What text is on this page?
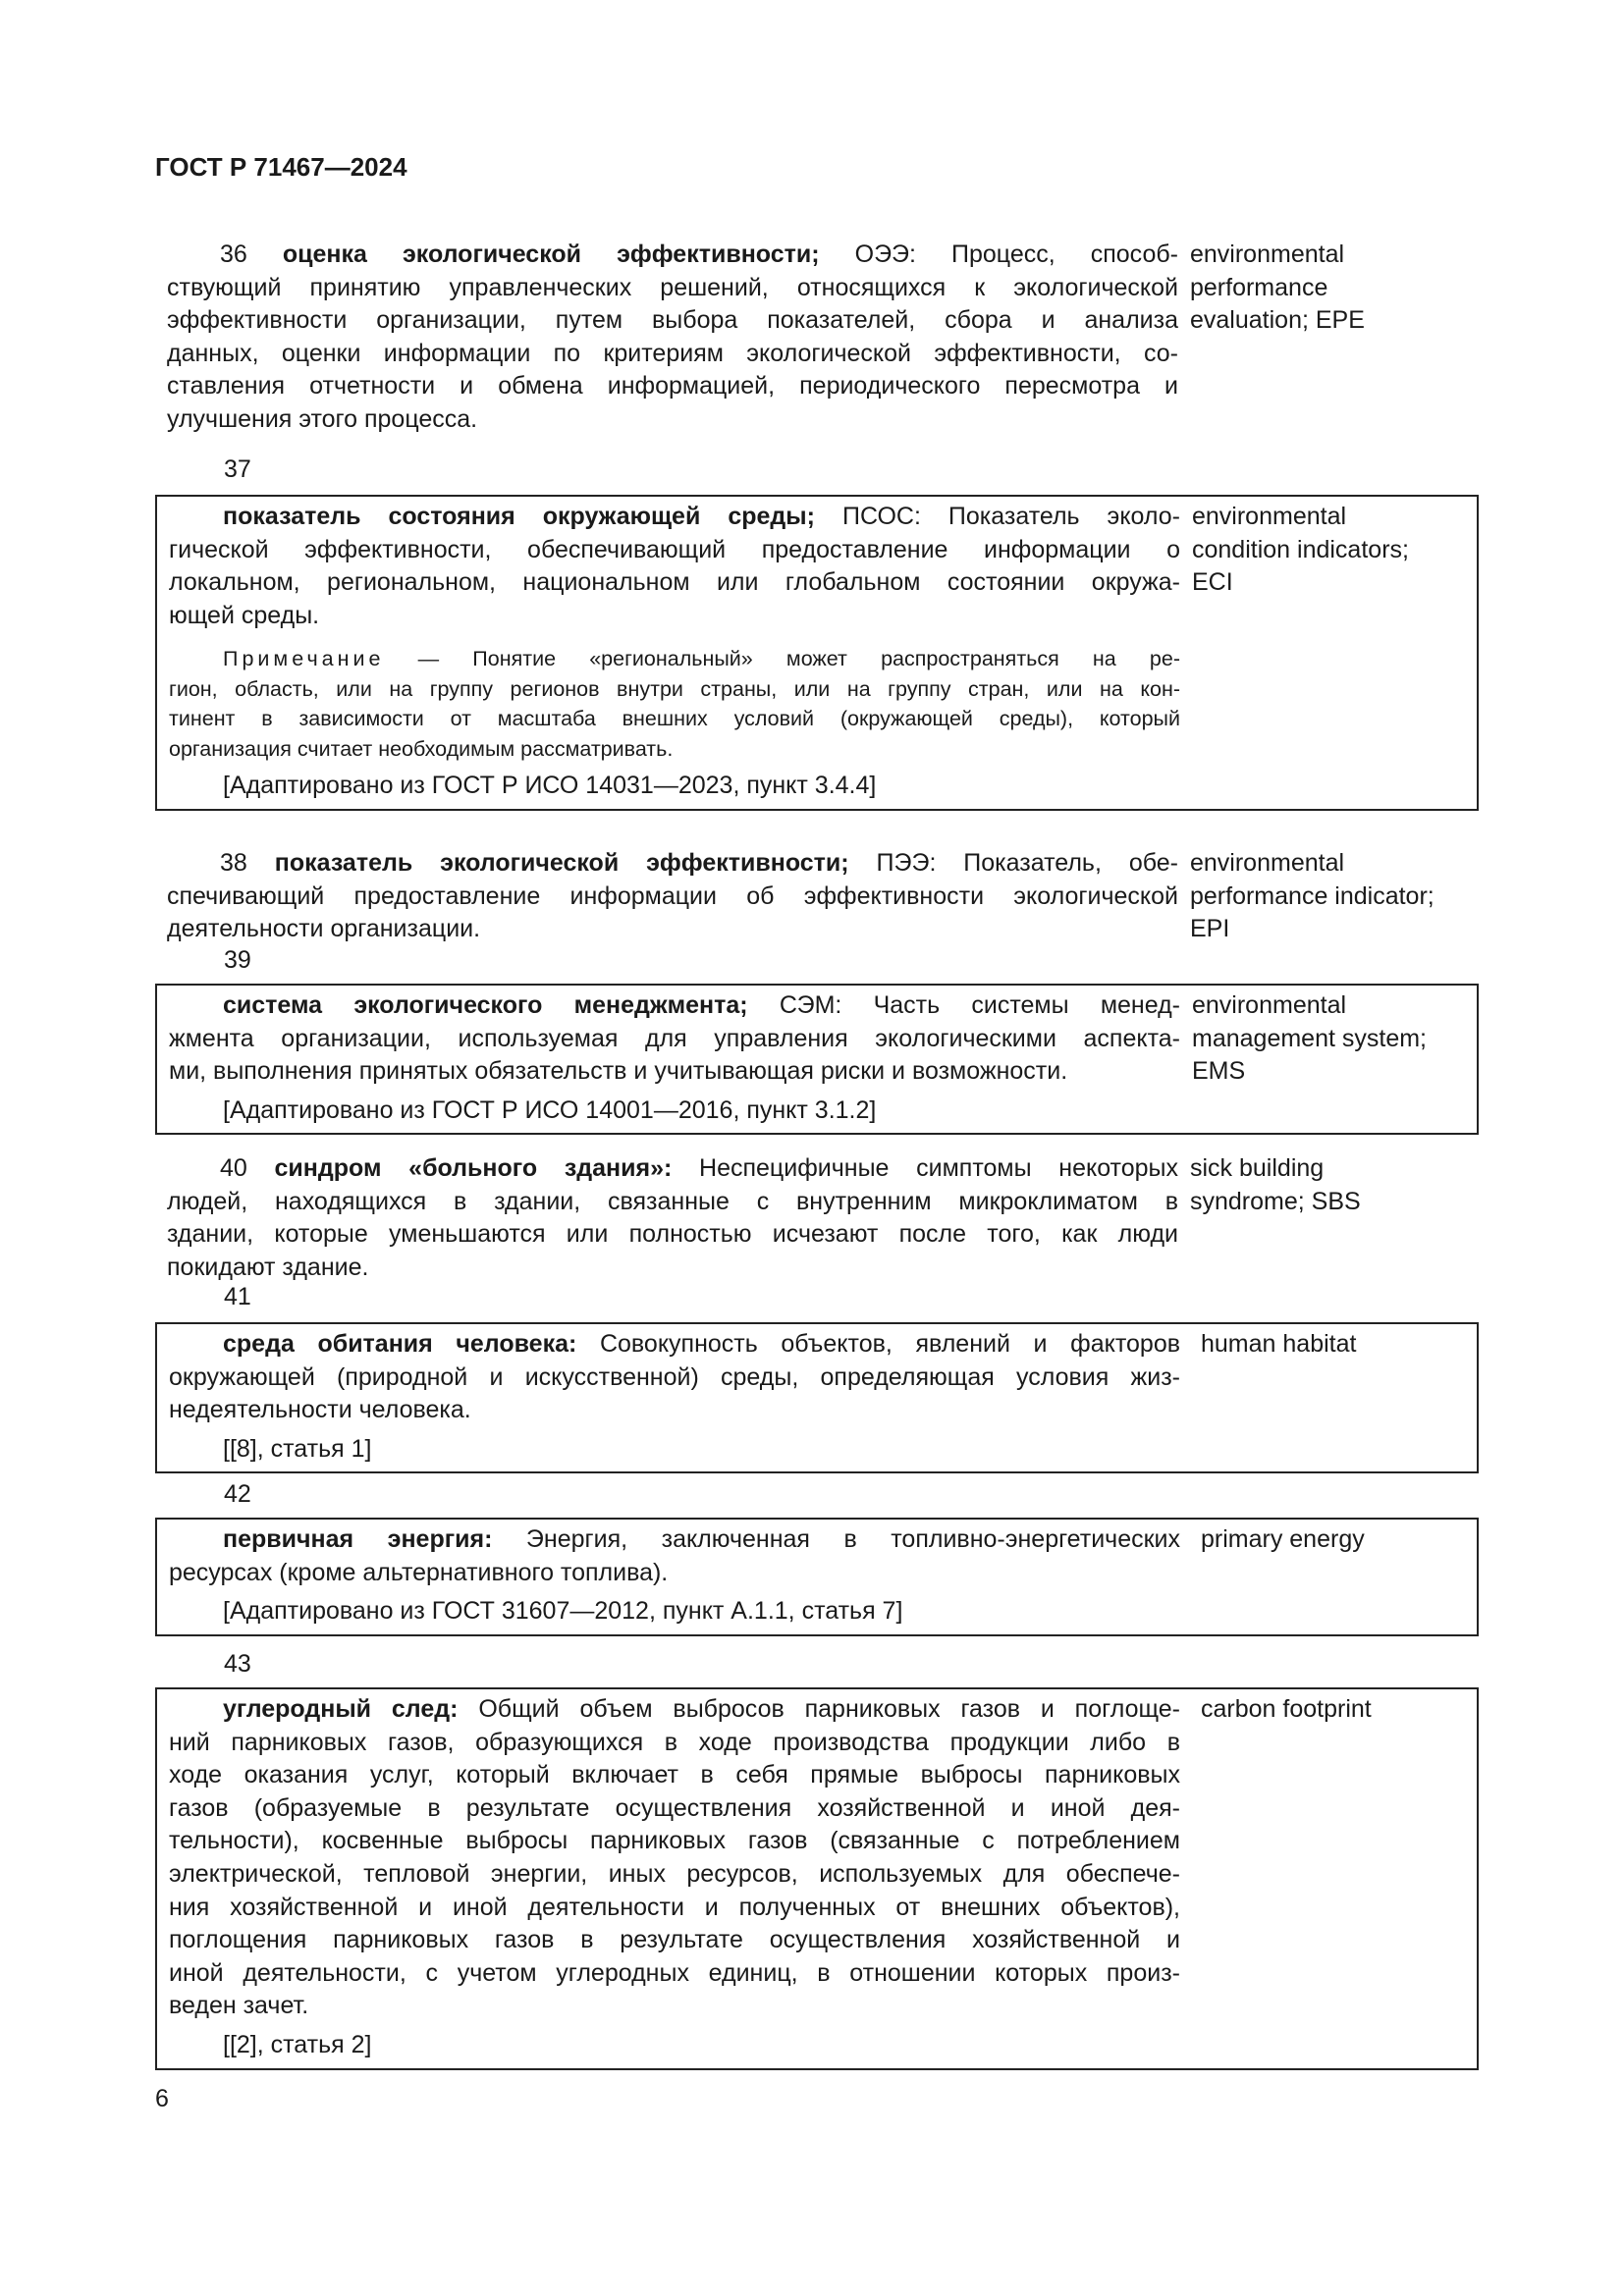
ГОСТ Р 71467—2024
36 оценка экологической эффективности; ОЭЭ: Процесс, способ-
ствующий принятию управленческих решений, относящихся к экологической
эффективности организации, путем выбора показателей, сбора и анализа
данных, оценки информации по критериям экологической эффективности, со-
ставления отчетности и обмена информацией, периодического пересмотра и
улучшения этого процесса.
environmental
performance
evaluation; EPE
37
показатель состояния окружающей среды; ПСОС: Показатель эколо-
гической эффективности, обеспечивающий предоставление информации о
локальном, региональном, национальном или глобальном состоянии окружа-
ющей среды.
Примечание — Понятие «региональный» может распространяться на ре-
гион, область, или на группу регионов внутри страны, или на группу стран, или на кон-
тинент в зависимости от масштаба внешних условий (окружающей среды), который
организация считает необходимым рассматривать.
[Адаптировано из ГОСТ Р ИСО 14031—2023, пункт 3.4.4]
environmental
condition indicators;
ECI
38 показатель экологической эффективности; ПЭЭ: Показатель, обе-
спечивающий предоставление информации об эффективности экологической
деятельности организации.
environmental
performance indicator;
EPI
39
система экологического менеджмента; СЭМ: Часть системы менед-
жмента организации, используемая для управления экологическими аспекта-
ми, выполнения принятых обязательств и учитывающая риски и возможности.
[Адаптировано из ГОСТ Р ИСО 14001—2016, пункт 3.1.2]
environmental
management system;
EMS
40 синдром «больного здания»: Неспецифичные симптомы некоторых
людей, находящихся в здании, связанные с внутренним микроклиматом в
здании, которые уменьшаются или полностью исчезают после того, как люди
покидают здание.
sick building
syndrome; SBS
41
среда обитания человека: Совокупность объектов, явлений и факторов
окружающей (природной и искусственной) среды, определяющая условия жиз-
недеятельности человека.
[[8], статья 1]
human habitat
42
первичная энергия: Энергия, заключенная в топливно-энергетических
ресурсах (кроме альтернативного топлива).
[Адаптировано из ГОСТ 31607—2012, пункт А.1.1, статья 7]
primary energy
43
углеродный след: Общий объем выбросов парниковых газов и поглоще-
ний парниковых газов, образующихся в ходе производства продукции либо в
ходе оказания услуг, который включает в себя прямые выбросы парниковых
газов (образуемые в результате осуществления хозяйственной и иной дея-
тельности), косвенные выбросы парниковых газов (связанные с потреблением
электрической, тепловой энергии, иных ресурсов, используемых для обеспече-
ния хозяйственной и иной деятельности и полученных от внешних объектов),
поглощения парниковых газов в результате осуществления хозяйственной и
иной деятельности, с учетом углеродных единиц, в отношении которых произ-
веден зачет.
[[2], статья 2]
carbon footprint
6
